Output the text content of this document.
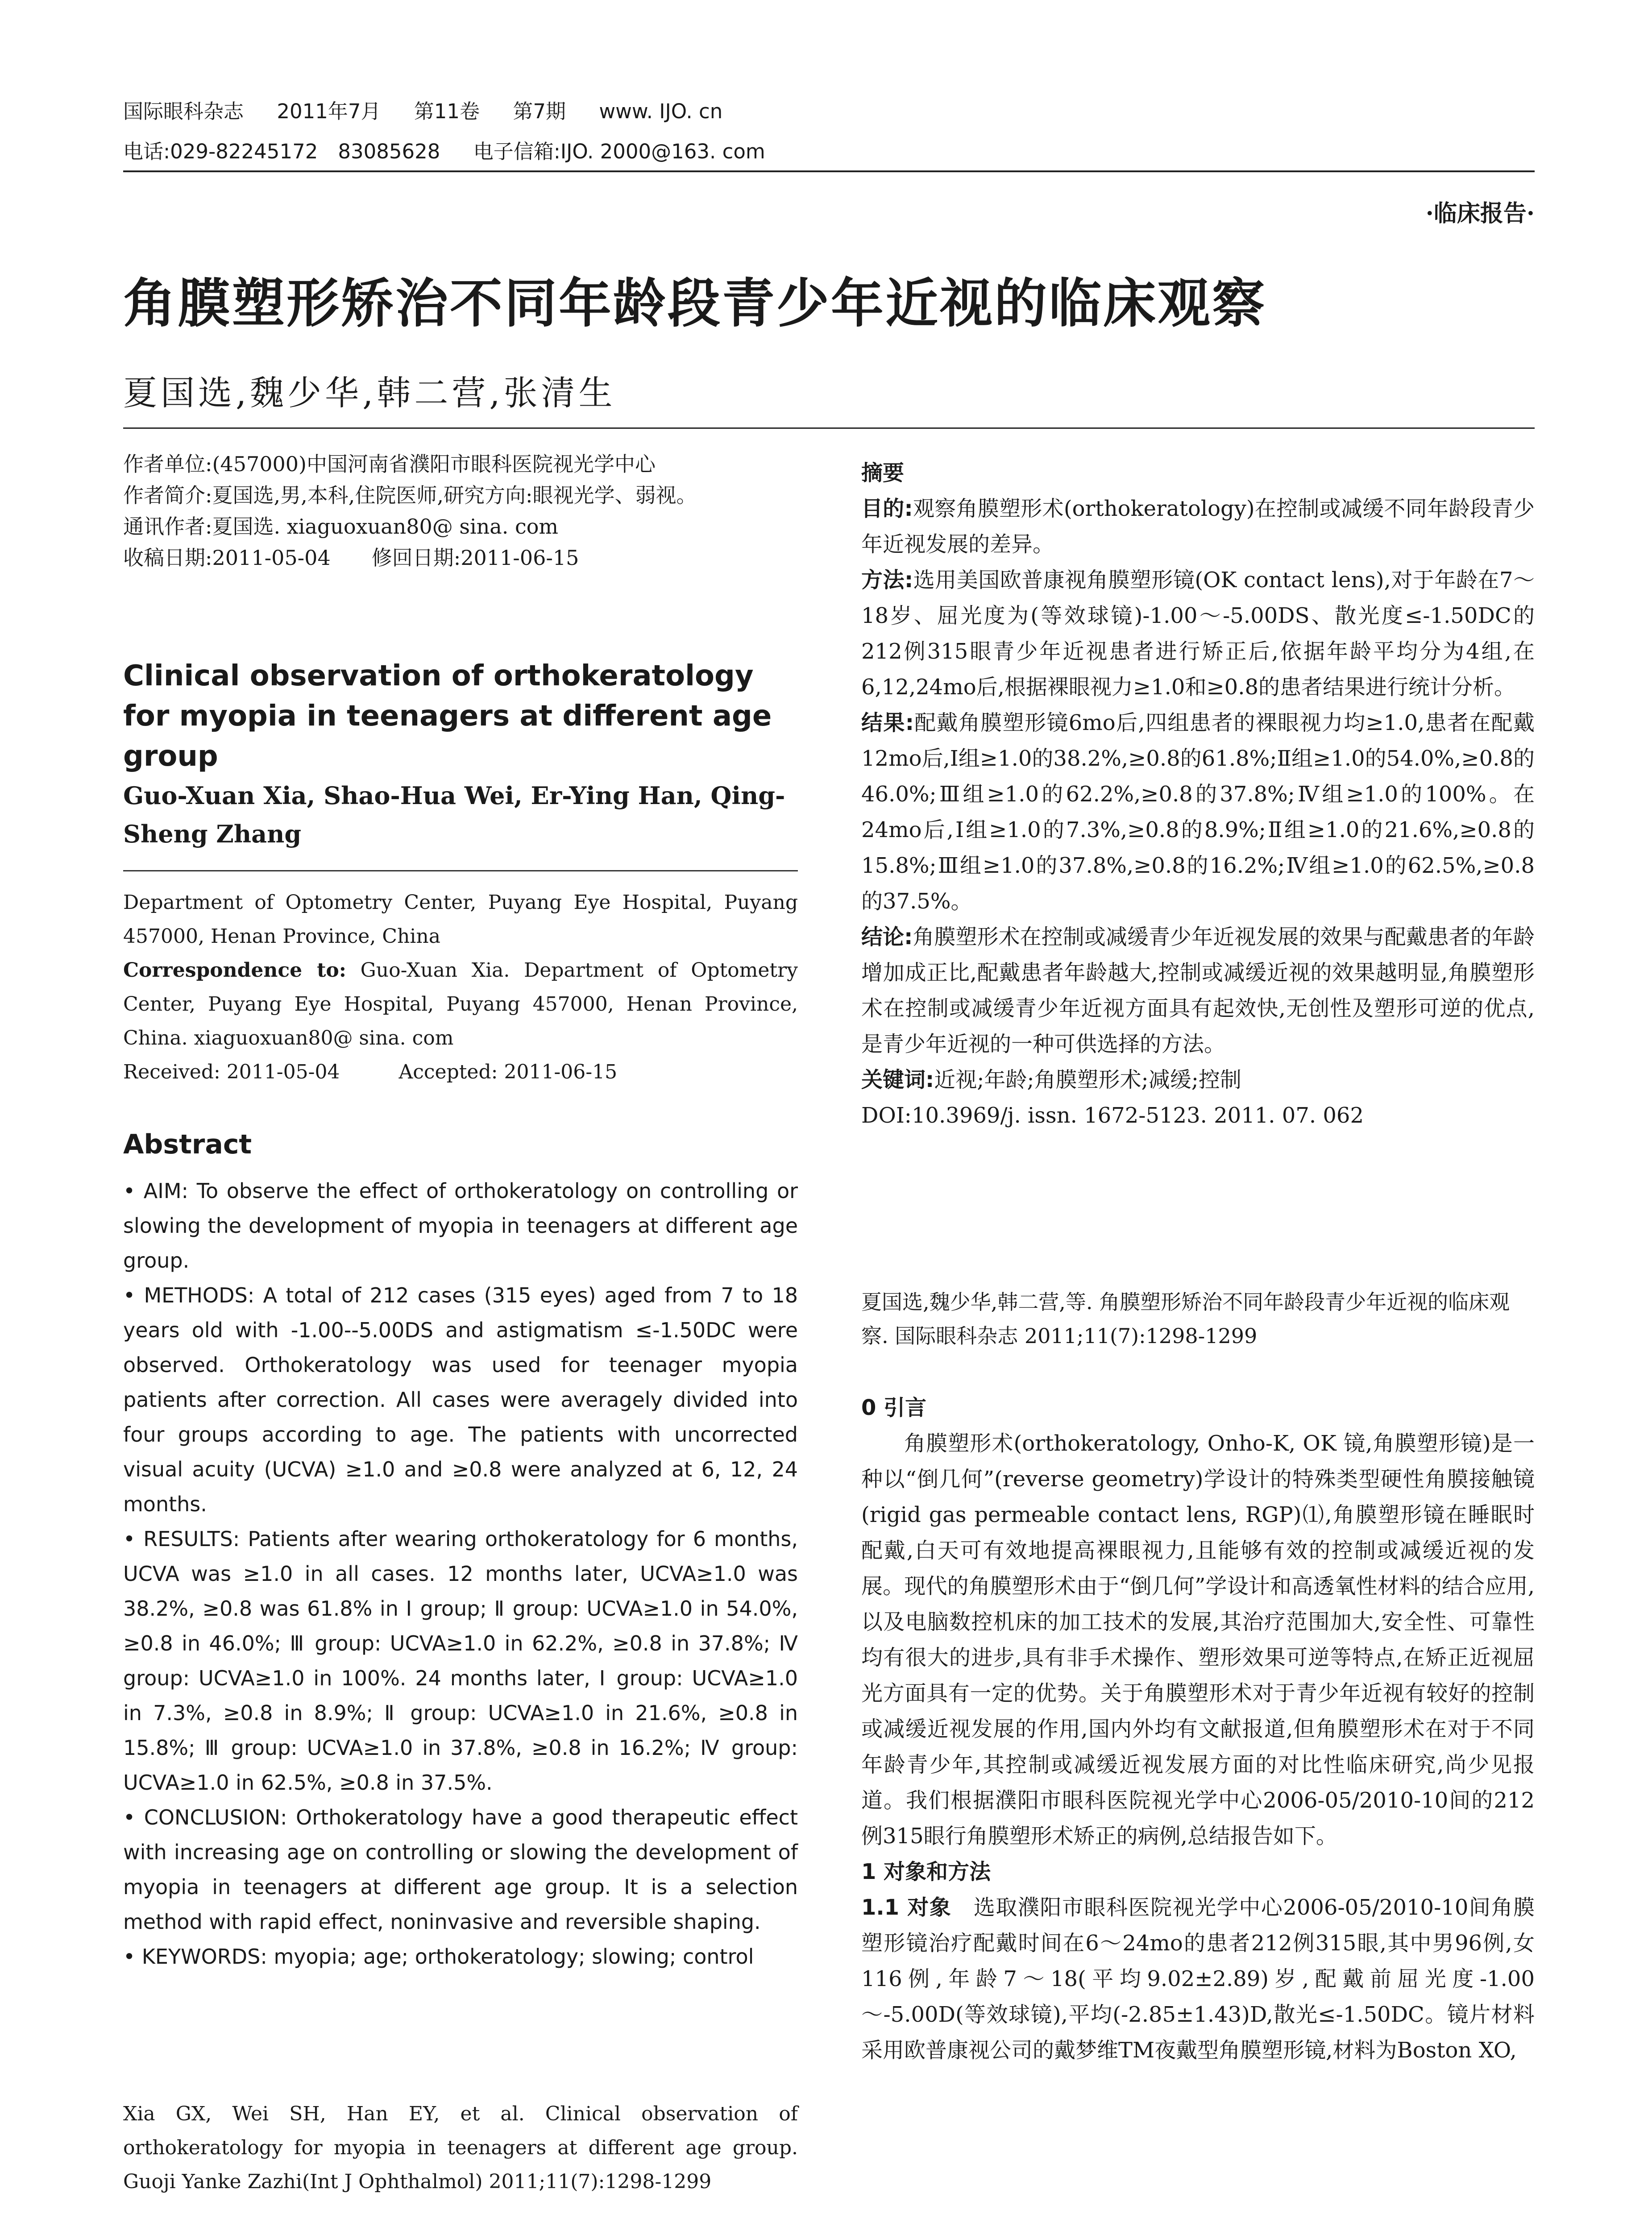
国际眼科杂志 2011年7月 第11卷 第7期 www. IJO. cn
电话:029-82245172　83085628 电子信箱:IJO. 2000@163. com
·临床报告·
角膜塑形矫治不同年龄段青少年近视的临床观察
夏国选,魏少华,韩二营,张清生

作者单位:(457000)中国河南省濮阳市眼科医院视光学中心

作者简介:夏国选,男,本科,住院医师,研究方向:眼视光学、弱视。

通讯作者:夏国选. xiaguoxuan80@ sina. com

收稿日期:2011-05-04　　修回日期:2011-06-15

Clinical observation of orthokeratology for myopia in teenagers at different age group
Guo-Xuan Xia, Shao-Hua Wei, Er-Ying Han, Qing-Sheng Zhang

Department of Optometry Center, Puyang Eye Hospital, Puyang 457000, Henan Province, China

Correspondence to: Guo-Xuan Xia. Department of Optometry Center, Puyang Eye Hospital, Puyang 457000, Henan Province, China. xiaguoxuan80@ sina. com

Received: 2011-05-04　　　Accepted: 2011-06-15

Abstract

• AIM: To observe the effect of orthokeratology on controlling or slowing the development of myopia in teenagers at different age group.

• METHODS: A total of 212 cases (315 eyes) aged from 7 to 18 years old with -1.00--5.00DS and astigmatism ≤-1.50DC were observed. Orthokeratology was used for teenager myopia patients after correction. All cases were averagely divided into four groups according to age. The patients with uncorrected visual acuity (UCVA) ≥1.0 and ≥0.8 were analyzed at 6, 12, 24 months.

• RESULTS: Patients after wearing orthokeratology for 6 months, UCVA was ≥1.0 in all cases. 12 months later, UCVA≥1.0 was 38.2%, ≥0.8 was 61.8% in Ⅰ group; Ⅱ group: UCVA≥1.0 in 54.0%, ≥0.8 in 46.0%; Ⅲ group: UCVA≥1.0 in 62.2%, ≥0.8 in 37.8%; Ⅳ group: UCVA≥1.0 in 100%. 24 months later, Ⅰ group: UCVA≥1.0 in 7.3%, ≥0.8 in 8.9%; Ⅱ group: UCVA≥1.0 in 21.6%, ≥0.8 in 15.8%; Ⅲ group: UCVA≥1.0 in 37.8%, ≥0.8 in 16.2%; Ⅳ group: UCVA≥1.0 in 62.5%, ≥0.8 in 37.5%.

• CONCLUSION: Orthokeratology have a good therapeutic effect with increasing age on controlling or slowing the development of myopia in teenagers at different age group. It is a selection method with rapid effect, noninvasive and reversible shaping.

• KEYWORDS: myopia; age; orthokeratology; slowing; control

Xia GX, Wei SH, Han EY, et al. Clinical observation of orthokeratology for myopia in teenagers at different age group. Guoji Yanke Zazhi(Int J Ophthalmol) 2011;11(7):1298-1299

摘要

目的:观察角膜塑形术(orthokeratology)在控制或减缓不同年龄段青少年近视发展的差异。

方法:选用美国欧普康视角膜塑形镜(OK contact lens),对于年龄在7～18岁、屈光度为(等效球镜)-1.00～-5.00DS、散光度≤-1.50DC的212例315眼青少年近视患者进行矫正后,依据年龄平均分为4组,在6,12,24mo后,根据裸眼视力≥1.0和≥0.8的患者结果进行统计分析。

结果:配戴角膜塑形镜6mo后,四组患者的裸眼视力均≥1.0,患者在配戴12mo后,Ⅰ组≥1.0的38.2%,≥0.8的61.8%;Ⅱ组≥1.0的54.0%,≥0.8的46.0%;Ⅲ组≥1.0的62.2%,≥0.8的37.8%;Ⅳ组≥1.0的100%。在24mo后,Ⅰ组≥1.0的7.3%,≥0.8的8.9%;Ⅱ组≥1.0的21.6%,≥0.8的15.8%;Ⅲ组≥1.0的37.8%,≥0.8的16.2%;Ⅳ组≥1.0的62.5%,≥0.8的37.5%。

结论:角膜塑形术在控制或减缓青少年近视发展的效果与配戴患者的年龄增加成正比,配戴患者年龄越大,控制或减缓近视的效果越明显,角膜塑形术在控制或减缓青少年近视方面具有起效快,无创性及塑形可逆的优点,是青少年近视的一种可供选择的方法。

关键词:近视;年龄;角膜塑形术;减缓;控制

DOI:10.3969/j. issn. 1672-5123. 2011. 07. 062

夏国选,魏少华,韩二营,等. 角膜塑形矫治不同年龄段青少年近视的临床观察. 国际眼科杂志 2011;11(7):1298-1299

0 引言

角膜塑形术(orthokeratology, Onho-K, OK 镜,角膜塑形镜)是一种以“倒几何”(reverse geometry)学设计的特殊类型硬性角膜接触镜(rigid gas permeable contact lens, RGP)⑴,角膜塑形镜在睡眠时配戴,白天可有效地提高裸眼视力,且能够有效的控制或减缓近视的发展。现代的角膜塑形术由于“倒几何”学设计和高透氧性材料的结合应用,以及电脑数控机床的加工技术的发展,其治疗范围加大,安全性、可靠性均有很大的进步,具有非手术操作、塑形效果可逆等特点,在矫正近视屈光方面具有一定的优势。关于角膜塑形术对于青少年近视有较好的控制或减缓近视发展的作用,国内外均有文献报道,但角膜塑形术在对于不同年龄青少年,其控制或减缓近视发展方面的对比性临床研究,尚少见报道。我们根据濮阳市眼科医院视光学中心2006-05/2010-10间的212例315眼行角膜塑形术矫正的病例,总结报告如下。

1 对象和方法

1.1 对象　 选取濮阳市眼科医院视光学中心2006-05/2010-10间角膜塑形镜治疗配戴时间在6～24mo的患者212例315眼,其中男96例,女116例,年龄7～18(平均9.02±2.89)岁,配戴前屈光度-1.00～-5.00D(等效球镜),平均(-2.85±1.43)D,散光≤-1.50DC。镜片材料采用欧普康视公司的戴梦维TM夜戴型角膜塑形镜,材料为Boston XO,
